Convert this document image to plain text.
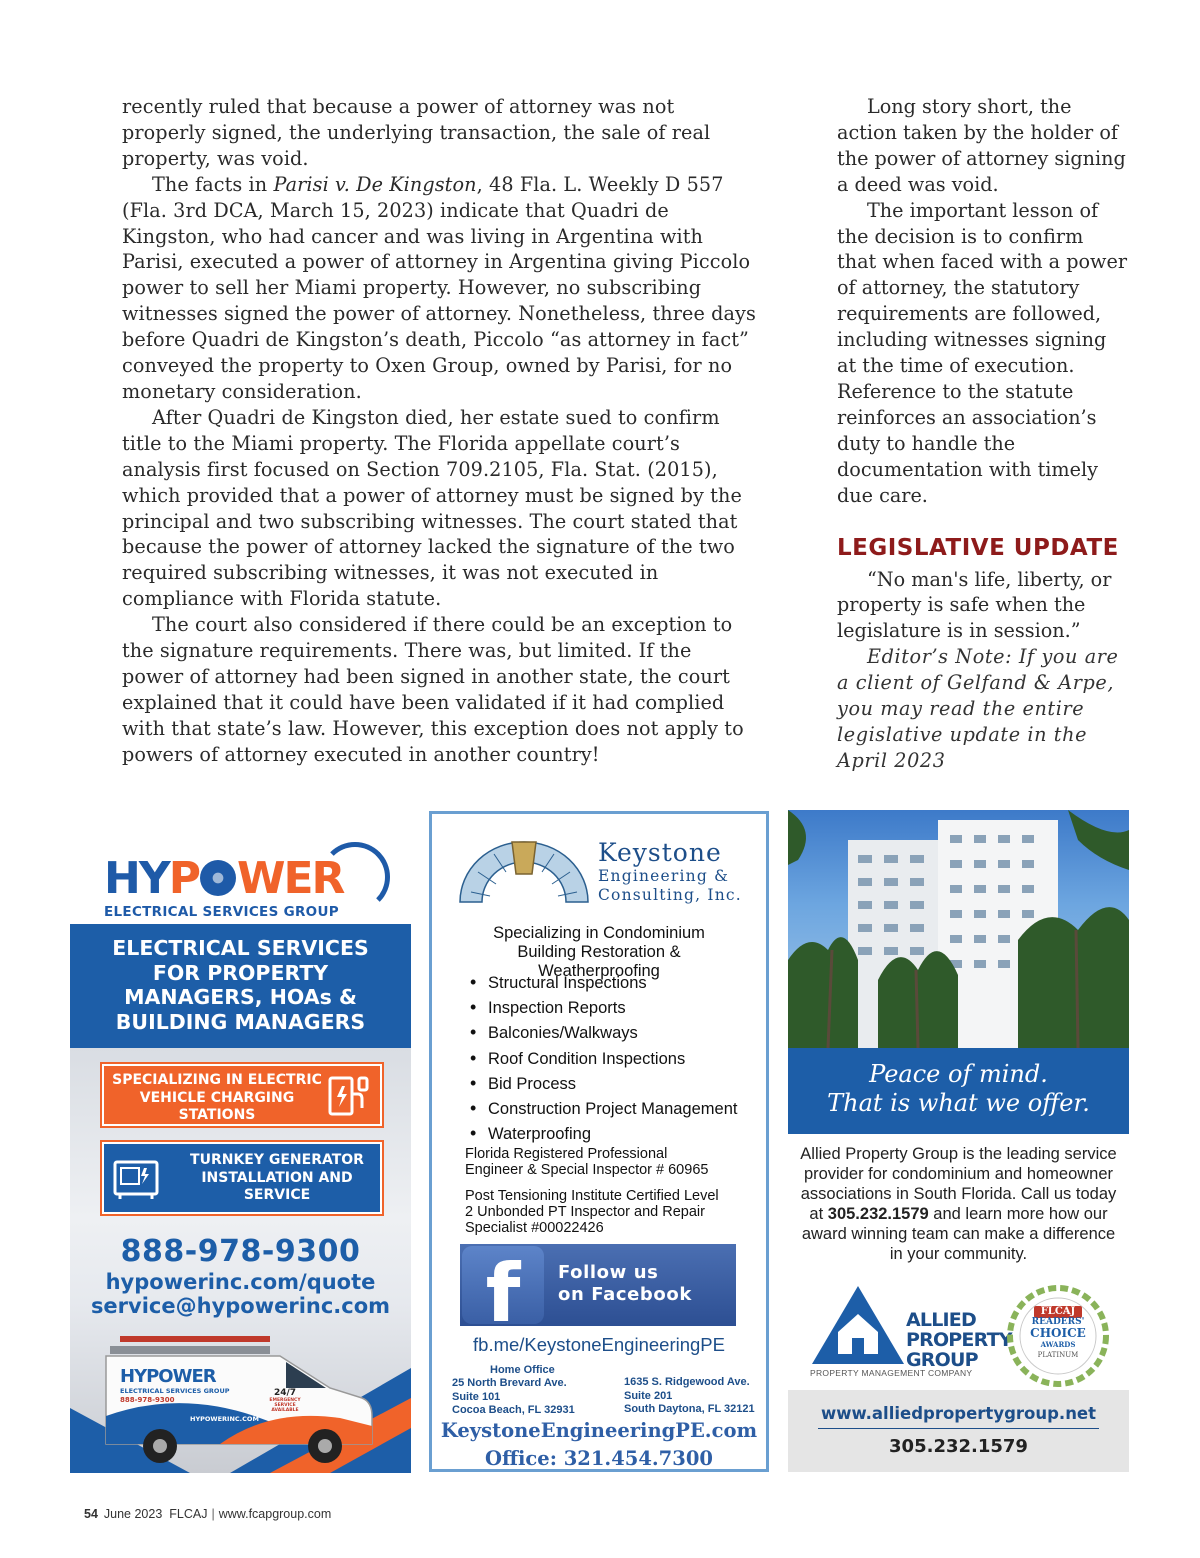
recently ruled that because a power of attorney was not properly signed, the underlying transaction, the sale of real property, was void.

The facts in Parisi v. De Kingston, 48 Fla. L. Weekly D 557 (Fla. 3rd DCA, March 15, 2023) indicate that Quadri de Kingston, who had cancer and was living in Argentina with Parisi, executed a power of attorney in Argentina giving Piccolo power to sell her Miami property. However, no subscribing witnesses signed the power of attorney. Nonetheless, three days before Quadri de Kingston’s death, Piccolo “as attorney in fact” conveyed the property to Oxen Group, owned by Parisi, for no monetary consideration.

After Quadri de Kingston died, her estate sued to confirm title to the Miami property. The Florida appellate court’s analysis first focused on Section 709.2105, Fla. Stat. (2015), which provided that a power of attorney must be signed by the principal and two subscribing witnesses. The court stated that because the power of attorney lacked the signature of the two required subscribing witnesses, it was not executed in compliance with Florida statute.

The court also considered if there could be an exception to the signature requirements. There was, but limited. If the power of attorney had been signed in another state, the court explained that it could have been validated if it had complied with that state’s law. However, this exception does not apply to powers of attorney executed in another country!

Long story short, the action taken by the holder of the power of attorney signing a deed was void.

The important lesson of the decision is to confirm that when faced with a power of attorney, the statutory requirements are followed, including witnesses signing at the time of execution. Reference to the statute reinforces an association’s duty to handle the documentation with timely due care.

LEGISLATIVE UPDATE

“No man's life, liberty, or property is safe when the legislature is in session.”

Editor’s Note: If you are a client of Gelfand & Arpe, you may read the entire legislative update in the April 2023

HYP WER
ELECTRICAL SERVICES GROUP
ELECTRICAL SERVICES FOR PROPERTY MANAGERS, HOAs & BUILDING MANAGERS
SPECIALIZING IN ELECTRIC VEHICLE CHARGING STATIONS
TURNKEY GENERATOR INSTALLATION AND SERVICE
888-978-9300
hypowerinc.com/quote
service@hypowerinc.com
HYPOWER
ELECTRICAL SERVICES GROUP
888-978-9300
24/7
EMERGENCY SERVICE AVAILABLE
HYPOWERINC.COM
Keystone
Engineering &
Consulting, Inc.
Specializing in Condominium Building Restoration & Weatherproofing
• Structural Inspections
• Inspection Reports
• Balconies/Walkways
• Roof Condition Inspections
• Bid Process
• Construction Project Management
• Waterproofing
Florida Registered Professional
Engineer & Special Inspector # 60965
Post Tensioning Institute Certified Level
2 Unbonded PT Inspector and Repair
Specialist #00022426
f	Follow us
on Facebook
fb.me/KeystoneEngineeringPE
Home Office
25 North Brevard Ave.
Suite 101
Cocoa Beach, FL 32931
1635 S. Ridgewood Ave.
Suite 201
South Daytona, FL 32121
KeystoneEngineeringPE.com
Office: 321.454.7300
Peace of mind.
That is what we offer.
Allied Property Group is the leading service provider for condominium and homeowner associations in South Florida. Call us today at 305.232.1579 and learn more how our award winning team can make a difference in your community.
ALLIED
PROPERTY
GROUP
PROPERTY MANAGEMENT COMPANY
FLCAJ
READERS'
CHOICE
AWARDS
PLATINUM
www.alliedpropertygroup.net
305.232.1579
54 June 2023 FLCAJ | www.fcapgroup.com
